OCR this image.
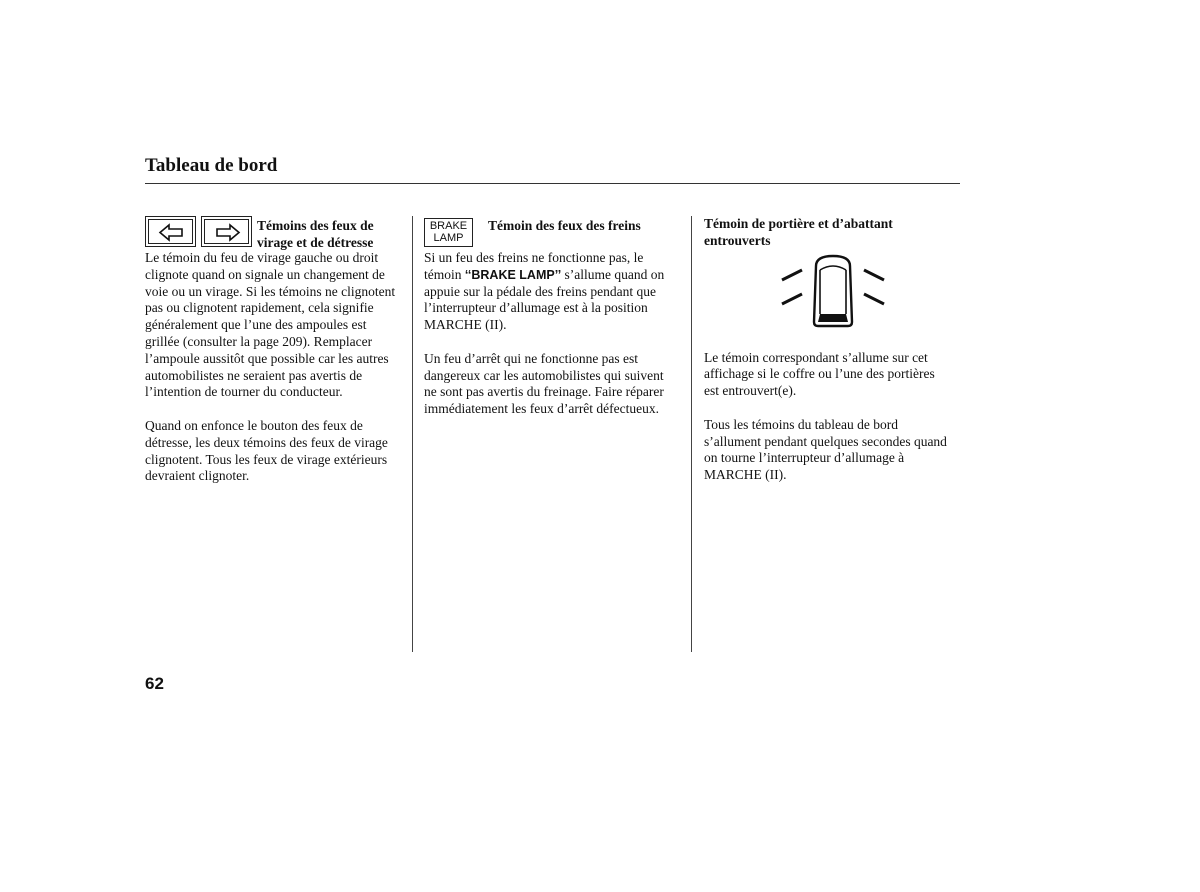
Tableau de bord
Témoins des feux de
virage et de détresse

Le témoin du feu de virage gauche ou droit

clignote quand on signale un changement de

voie ou un virage. Si les témoins ne clignotent

pas ou clignotent rapidement, cela signifie

généralement que l’une des ampoules est

grillée (consulter la page 209). Remplacer

l’ampoule aussitôt que possible car les autres

automobilistes ne seraient pas avertis de

l’intention de tourner du conducteur.

Quand on enfonce le bouton des feux de

détresse, les deux témoins des feux de virage

clignotent. Tous les feux de virage extérieurs

devraient clignoter.

BRAKE
LAMP
Témoin des feux des freins

Si un feu des freins ne fonctionne pas, le

témoin ‘‘BRAKE LAMP’’ s’allume quand on

appuie sur la pédale des freins pendant que

l’interrupteur d’allumage est à la position

MARCHE (II).

Un feu d’arrêt qui ne fonctionne pas est

dangereux car les automobilistes qui suivent

ne sont pas avertis du freinage. Faire réparer

immédiatement les feux d’arrêt défectueux.

Témoin de portière et d’abattant
entrouverts

Le témoin correspondant s’allume sur cet

affichage si le coffre ou l’une des portières

est entrouvert(e).

Tous les témoins du tableau de bord

s’allument pendant quelques secondes quand

on tourne l’interrupteur d’allumage à

MARCHE (II).

62
